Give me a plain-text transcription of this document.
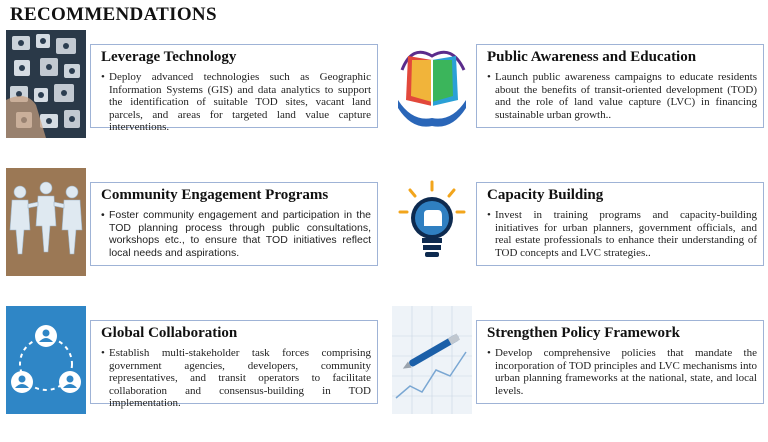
RECOMMENDATIONS
Leverage Technology
• Deploy advanced technologies such as Geographic Information Systems (GIS) and data analytics to support the identification of suitable TOD sites, vacant land parcels, and areas for targeted land value capture interventions.
Public Awareness and Education
• Launch public awareness campaigns to educate residents about the benefits of transit-oriented development (TOD) and the role of land value capture (LVC) in financing sustainable urban growth..
Community Engagement Programs
• Foster community engagement and participation in the TOD planning process through public consultations, workshops etc., to ensure that TOD initiatives reflect local needs and aspirations.
Capacity Building
• Invest in training programs and capacity-building initiatives for urban planners, government officials, and real estate professionals to enhance their understanding of TOD concepts and LVC strategies..
Global Collaboration
• Establish multi-stakeholder task forces comprising government agencies, developers, community representatives, and transit operators to facilitate collaboration and consensus-building in TOD implementation.
Strengthen Policy Framework
• Develop comprehensive policies that mandate the incorporation of TOD principles and LVC mechanisms into urban planning frameworks at the national, state, and local levels.
